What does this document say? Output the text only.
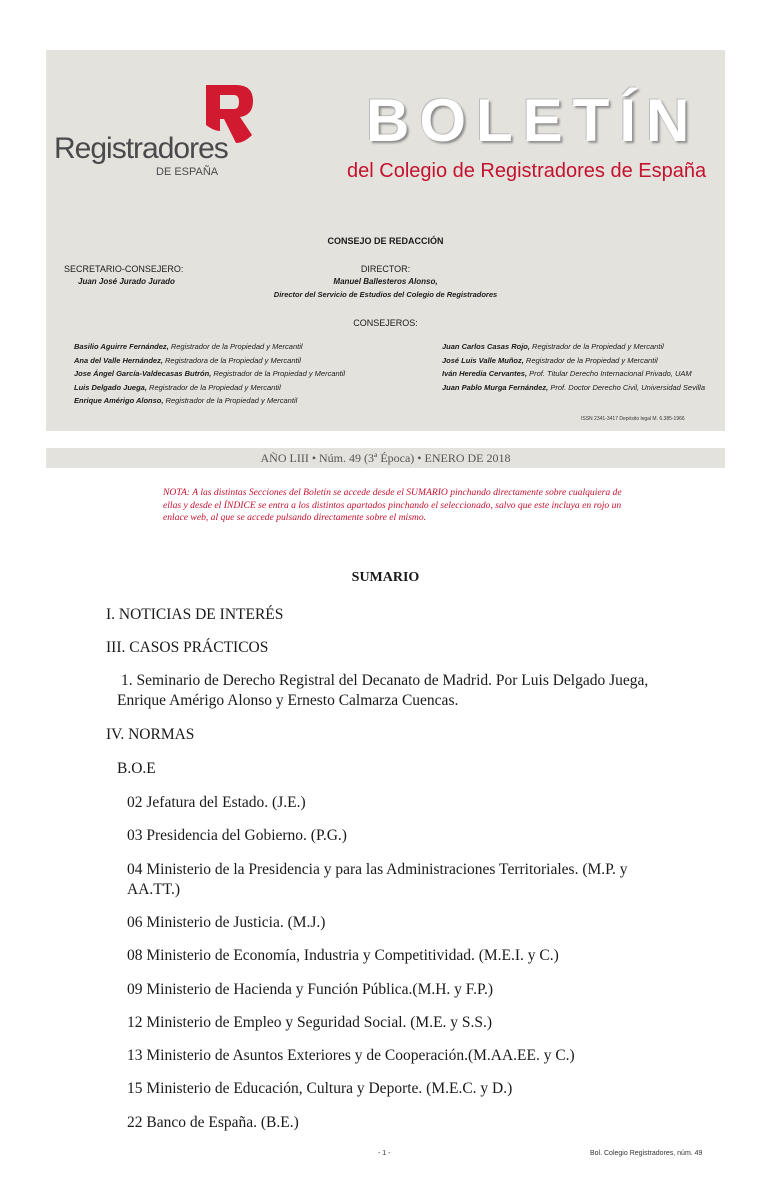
Registradores
DE ESPAÑA
BOLETÍN
del Colegio de Registradores de España
CONSEJO DE REDACCIÓN
SECRETARIO-CONSEJERO:
Juan José Jurado Jurado
DIRECTOR:
Manuel Ballesteros Alonso,
Director del Servicio de Estudios del Colegio de Registradores
CONSEJEROS:
Basilio Aguirre Fernández, Registrador de la Propiedad y Mercantil
Ana del Valle Hernández, Registradora de la Propiedad y Mercantil
Jose Ángel García-Valdecasas Butrón, Registrador de la Propiedad y Mercantil
Luis Delgado Juega, Registrador de la Propiedad y Mercantil
Enrique Amérigo Alonso, Registrador de la Propiedad y Mercantil
Juan Carlos Casas Rojo, Registrador de la Propiedad y Mercantil
José Luis Valle Muñoz, Registrador de la Propiedad y Mercantil
Iván Heredia Cervantes, Prof. Titular Derecho Internacional Privado, UAM
Juan Pablo Murga Fernández, Prof. Doctor Derecho Civil, Universidad Sevilla
ISSN 2341-3417 Depósito legal M. 6.385-1966
AÑO LIII • Núm. 49 (3ª Época) • ENERO DE 2018
NOTA: A las distintas Secciones del Boletín se accede desde el SUMARIO pinchando directamente sobre cualquiera de ellas y desde el ÍNDICE se entra a los distintos apartados pinchando el seleccionado, salvo que este incluya en rojo un enlace web, al que se accede pulsando directamente sobre el mismo.
SUMARIO
I. NOTICIAS DE INTERÉS
III. CASOS PRÁCTICOS
1. Seminario de Derecho Registral del Decanato de Madrid. Por Luis Delgado Juega, Enrique Amérigo Alonso y Ernesto Calmarza Cuencas.
IV. NORMAS
B.O.E
02 Jefatura del Estado. (J.E.)
03 Presidencia del Gobierno. (P.G.)
04 Ministerio de la Presidencia y para las Administraciones Territoriales. (M.P. y AA.TT.)
06 Ministerio de Justicia. (M.J.)
08 Ministerio de Economía, Industria y Competitividad. (M.E.I. y C.)
09 Ministerio de Hacienda y Función Pública.(M.H. y F.P.)
12 Ministerio de Empleo y Seguridad Social. (M.E. y S.S.)
13 Ministerio de Asuntos Exteriores y de Cooperación.(M.AA.EE. y C.)
15 Ministerio de Educación, Cultura y Deporte. (M.E.C. y D.)
22 Banco de España. (B.E.)
- 1 -	Bol. Colegio Registradores, núm. 49
